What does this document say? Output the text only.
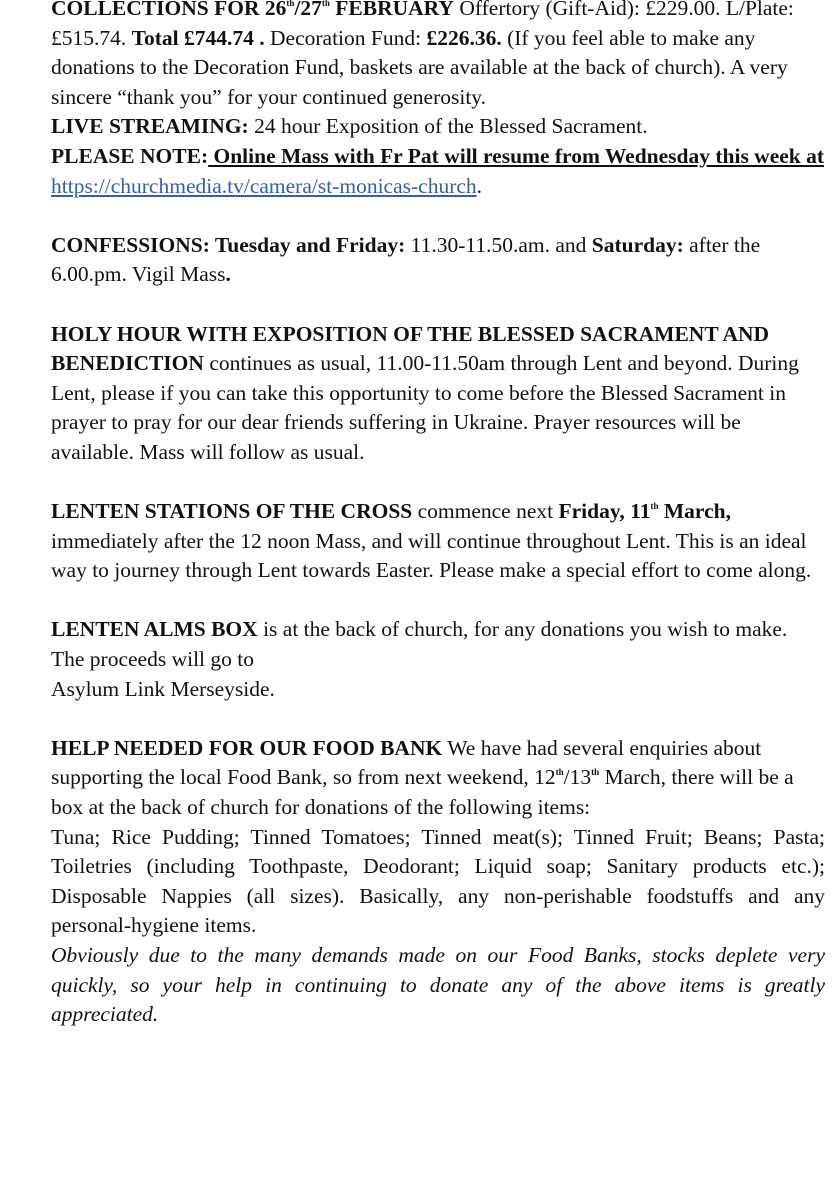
COLLECTIONS FOR 26th/27th FEBRUARY Offertory (Gift-Aid): £229.00. L/Plate: £515.74. Total £744.74 . Decoration Fund: £226.36. (If you feel able to make any donations to the Decoration Fund, baskets are available at the back of church). A very sincere “thank you” for your continued generosity.

LIVE STREAMING: 24 hour Exposition of the Blessed Sacrament.

PLEASE NOTE: Online Mass with Fr Pat will resume from Wednesday this week at https://churchmedia.tv/camera/st-monicas-church.

CONFESSIONS: Tuesday and Friday: 11.30-11.50.am. and Saturday: after the 6.00.pm. Vigil Mass.

HOLY HOUR WITH EXPOSITION OF THE BLESSED SACRAMENT AND BENEDICTION continues as usual, 11.00-11.50am through Lent and beyond. During Lent, please if you can take this opportunity to come before the Blessed Sacrament in prayer to pray for our dear friends suffering in Ukraine. Prayer resources will be available. Mass will follow as usual.

LENTEN STATIONS OF THE CROSS commence next Friday, 11th March, immediately after the 12 noon Mass, and will continue throughout Lent. This is an ideal way to journey through Lent towards Easter. Please make a special effort to come along.

LENTEN ALMS BOX is at the back of church, for any donations you wish to make. The proceeds will go to
Asylum Link Merseyside.

HELP NEEDED FOR OUR FOOD BANK We have had several enquiries about supporting the local Food Bank, so from next weekend, 12th/13th March, there will be a box at the back of church for donations of the following items:

Tuna; Rice Pudding; Tinned Tomatoes; Tinned meat(s); Tinned Fruit; Beans; Pasta; Toiletries (including Toothpaste, Deodorant; Liquid soap; Sanitary products etc.); Disposable Nappies (all sizes). Basically, any non-perishable foodstuffs and any personal-hygiene items.

Obviously due to the many demands made on our Food Banks, stocks deplete very quickly, so your help in continuing to donate any of the above items is greatly appreciated.
